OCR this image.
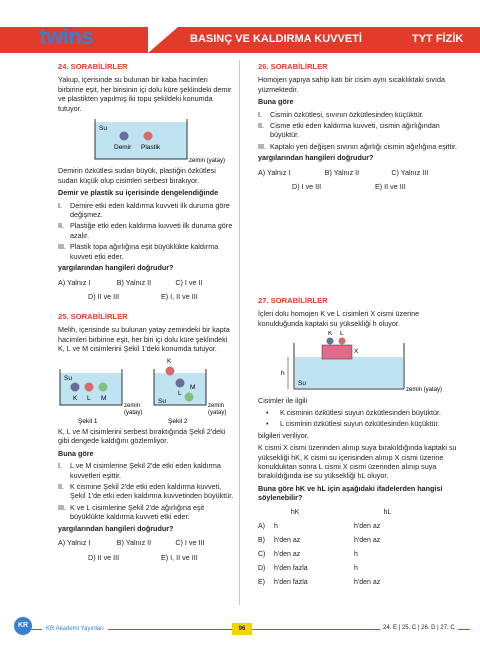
kr twins	BASINÇ VE KALDIRMA KUVVETİ	TYT FİZİK
24. SORABİLİRLER

Yakup, içerisinde su bulunan bir kaba hacimleri birbirine eşit, her birisinin içi dolu küre şeklindeki demir ve plastikten yapılmış iki topu şekildeki konumda tutuyor.

Su
Demir Plastik
zemin (yatay)

Demirin özkütlesi sudan büyük, plastiğin özkütlesi sudan küçük olup cisimleri serbest bırakıyor.

Demir ve plastik su içerisinde dengelendiğinde

I.	Demire etki eden kaldırma kuvveti ilk duruma göre değişmez.
II. Plastiğe etki eden kaldırma kuvveti ilk duruma göre azalır.
III. Plastik topa ağırlığına eşit büyüklükte kaldırma kuvveti etki eder.

yargılarından hangileri doğrudur?

A) Yalnız I	B) Yalnız II	C) I ve II
D) II ve III	E) I, II ve III
25. SORABİLİRLER

Melih, içerisinde su bulunan yatay zemindeki bir kapta hacimleri birbirine eşit, her biri içi dolu küre şeklindeki K, L ve M cisimlerini Şekil 1'deki konumda tutuyor.

Su
K L M
zemin
(yatay)
K
L
M
Su
zemin
(yatay)
Şekil 1	Şekil 2

K, L ve M cisimlerini serbest bıraktığında Şekil 2'deki gibi dengede kaldığını gözlemliyor.

Buna göre

I.	L ve M cisimlerine Şekil 2'de etki eden kaldırma kuvvetleri eşittir.
II. K cismine Şekil 2'de etki eden kaldırma kuvveti, Şekil 1'de etki eden kaldırma kuvvetinden büyüktür.
III. K ve L cisimlerine Şekil 2'de ağırlığına eşit büyüklükte kaldırma kuvveti etki eder.

yargılarından hangileri doğrudur?

A) Yalnız I	B) Yalnız II	C) I ve III
D) II ve III	E) I, II ve III
26. SORABİLİRLER

Homojen yapıya sahip katı bir cisim aynı sıcaklıktaki sıvıda yüzmektedir.

Buna göre

I.	Cismin özkütlesi, sıvının özkütlesinden küçüktür.
II. Cisme etki eden kaldırma kuvveti, cismin ağırlığından büyüktür.
III. Kaptaki yeri değişen sıvının ağırlığı cismin ağırlığına eşittir.

yargılarından hangileri doğrudur?

A) Yalnız I	B) Yalnız II	C) Yalnız III
D) I ve III	E) II ve III
27. SORABİLİRLER

İçleri dolu homojen K ve L cisimleri X cismi üzerine konulduğunda kaptaki su yüksekliği h oluyor.

K L
X
h
Su
zemin (yatay)

Cisimler ile ilgili

•	K cisminin özkütlesi suyun özkütlesinden büyüktür.
•	L cisminin özkütlesi suyun özkütlesinden küçüktür.

bilgileri veriliyor.

K cismi X cismi üzerinden alınıp suya bırakıldığında kaptaki su yüksekliği hK, K cismi su içerisinden alınıp X cismi üzerine konulduktan sonra L cismi X cismi üzerinden alınıp suya bırakıldığında ise su yüksekliği hL oluyor.

Buna göre hK ve hL için aşağıdaki ifadelerden hangisi söylenebilir?

hK	hL
A)	h	h'den az
B)	h'den az	h'den az
C)	h'den az	h
D)	h'den fazla	h
E)	h'den fazla	h'den az
KR	KR Akademi Yayınları	96	24. E | 25. C | 26. D | 27. C
